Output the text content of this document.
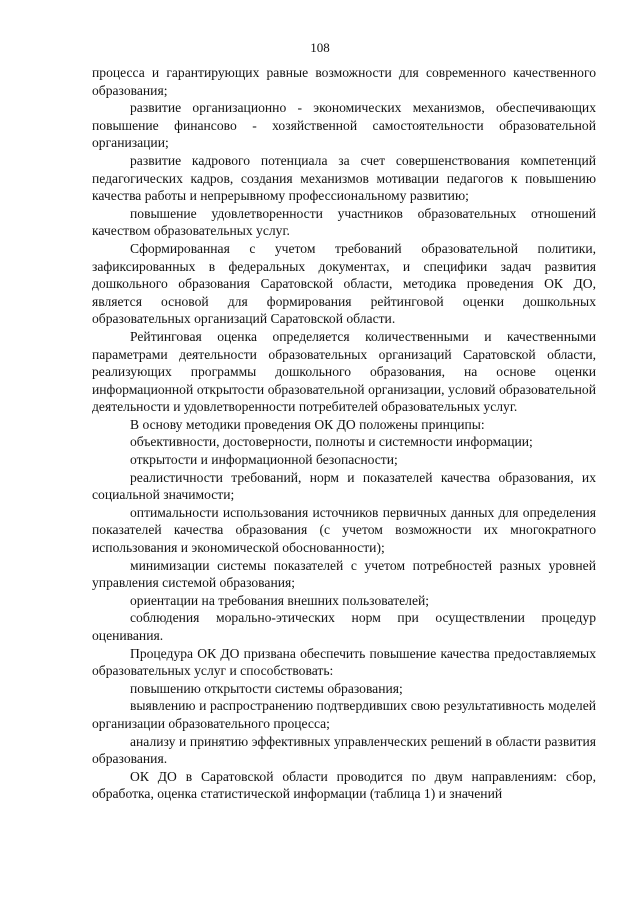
108

процесса и гарантирующих равные возможности для современного качественного образования;

развитие организационно - экономических механизмов, обеспечивающих повышение финансово - хозяйственной самостоятельности образовательной организации;

развитие кадрового потенциала за счет совершенствования компетенций педагогических кадров, создания механизмов мотивации педагогов к повышению качества работы и непрерывному профессиональному развитию;

повышение удовлетворенности участников образовательных отношений качеством образовательных услуг.

Сформированная с учетом требований образовательной политики, зафиксированных в федеральных документах, и специфики задач развития дошкольного образования Саратовской области, методика проведения ОК ДО, является основой для формирования рейтинговой оценки дошкольных образовательных организаций Саратовской области.

Рейтинговая оценка определяется количественными и качественными параметрами деятельности образовательных организаций Саратовской области, реализующих программы дошкольного образования, на основе оценки информационной открытости образовательной организации, условий образовательной деятельности и удовлетворенности потребителей образовательных услуг.

В основу методики проведения ОК ДО положены принципы:

объективности, достоверности, полноты и системности информации;

открытости и информационной безопасности;

реалистичности требований, норм и показателей качества образования, их социальной значимости;

оптимальности использования источников первичных данных для определения показателей качества образования (с учетом возможности их многократного использования и экономической обоснованности);

минимизации системы показателей с учетом потребностей разных уровней управления системой образования;

ориентации на требования внешних пользователей;

соблюдения морально-этических норм при осуществлении процедур оценивания.

Процедура ОК ДО призвана обеспечить повышение качества предоставляемых образовательных услуг и способствовать:

повышению открытости системы образования;

выявлению и распространению подтвердивших свою результативность моделей организации образовательного процесса;

анализу и принятию эффективных управленческих решений в области развития образования.

ОК ДО в Саратовской области проводится по двум направлениям: сбор, обработка, оценка статистической информации (таблица 1) и значений
